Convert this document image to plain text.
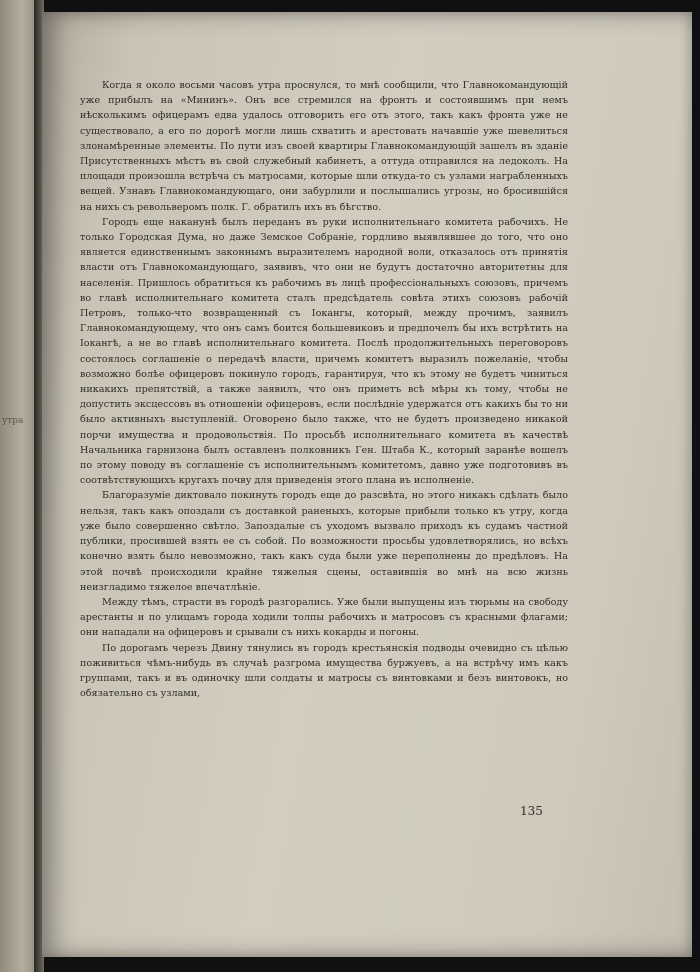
утра

Когда я около восьми часовъ утра проснулся, то мнѣ сообщили, что Главнокомандующій уже прибылъ на «Мининъ». Онъ все стремился на фронтъ и состоявшимъ при немъ нѣсколькимъ офицерамъ едва удалось отговорить его отъ этого, такъ какъ фронта уже не существовало, а его по дорогѣ могли лишь схватить и арестовать начавшіе уже шевелиться злонамѣренные элементы. По пути изъ своей квартиры Главнокомандующій зашелъ въ зданіе Присутственныхъ мѣстъ въ свой служебный кабинетъ, а оттуда отправился на ледоколъ. На площади произошла встрѣча съ матросами, которые шли откуда-то съ узлами награбленныхъ вещей. Узнавъ Главнокомандующаго, они забурлили и послышались угрозы, но бросившійся на нихъ съ револьверомъ полк. Г. обратилъ ихъ въ бѣгство.

Городъ еще наканунѣ былъ переданъ въ руки исполнительнаго комитета рабочихъ. Не только Городская Дума, но даже Земское Собраніе, гордливо выявлявшее до того, что оно является единственнымъ законнымъ выразителемъ народной воли, отказалось отъ принятія власти отъ Главнокомандующаго, заявивъ, что они не будутъ достаточно авторитетны для населенія. Пришлось обратиться къ рабочимъ въ лицѣ профессіональныхъ союзовъ, причемъ во главѣ исполнительнаго комитета сталъ предсѣдатель совѣта этихъ союзовъ рабочій Петровъ, только-что возвращенный съ Іокангы, который, между прочимъ, заявилъ Главнокомандующему, что онъ самъ боится большевиковъ и предпочелъ бы ихъ встрѣтить на Іокангѣ, а не во главѣ исполнительнаго комитета. Послѣ продолжительныхъ переговоровъ состоялось соглашеніе о передачѣ власти, причемъ комитетъ выразилъ пожеланіе, чтобы возможно болѣе офицеровъ покинуло городъ, гарантируя, что къ этому не будетъ чиниться никакихъ препятствій, а также заявилъ, что онъ приметъ всѣ мѣры къ тому, чтобы не допустить эксцессовъ въ отношеніи офицеровъ, если послѣдніе удержатся отъ какихъ бы то ни было активныхъ выступленій. Оговорено было также, что не будетъ произведено никакой порчи имущества и продовольствія. По просьбѣ исполнительнаго комитета въ качествѣ Начальника гарнизона былъ оставленъ полковникъ Ген. Штаба К., который заранѣе вошелъ по этому поводу въ соглашеніе съ исполнительнымъ комитетомъ, давно уже подготовивъ въ соотвѣтствующихъ кругахъ почву для приведенія этого плана въ исполненіе.

Благоразуміе диктовало покинуть городъ еще до разсвѣта, но этого никакъ сдѣлать было нельзя, такъ какъ опоздали съ доставкой раненыхъ, которые прибыли только къ утру, когда уже было совершенно свѣтло. Запоздалые съ уходомъ вызвало приходъ къ судамъ частной публики, просившей взять ее съ собой. По возможности просьбы удовлетворялись, но всѣхъ конечно взять было невозможно, такъ какъ суда были уже переполнены до предѣловъ. На этой почвѣ происходили крайне тяжелыя сцены, оставившія во мнѣ на всю жизнь неизгладимо тяжелое впечатлѣніе.

Между тѣмъ, страсти въ городѣ разгорались. Уже были выпущены изъ тюрьмы на свободу арестанты и по улицамъ города ходили толпы рабочихъ и матросовъ съ красными флагами; они нападали на офицеровъ и срывали съ нихъ кокарды и погоны.

По дорогамъ черезъ Двину тянулись въ городъ крестьянскія подводы очевидно съ цѣлью поживиться чѣмъ-нибудь въ случаѣ разгрома имущества буржуевъ, а на встрѣчу имъ какъ группами, такъ и въ одиночку шли солдаты и матросы съ винтовками и безъ винтовокъ, но обязательно съ узлами,

135
